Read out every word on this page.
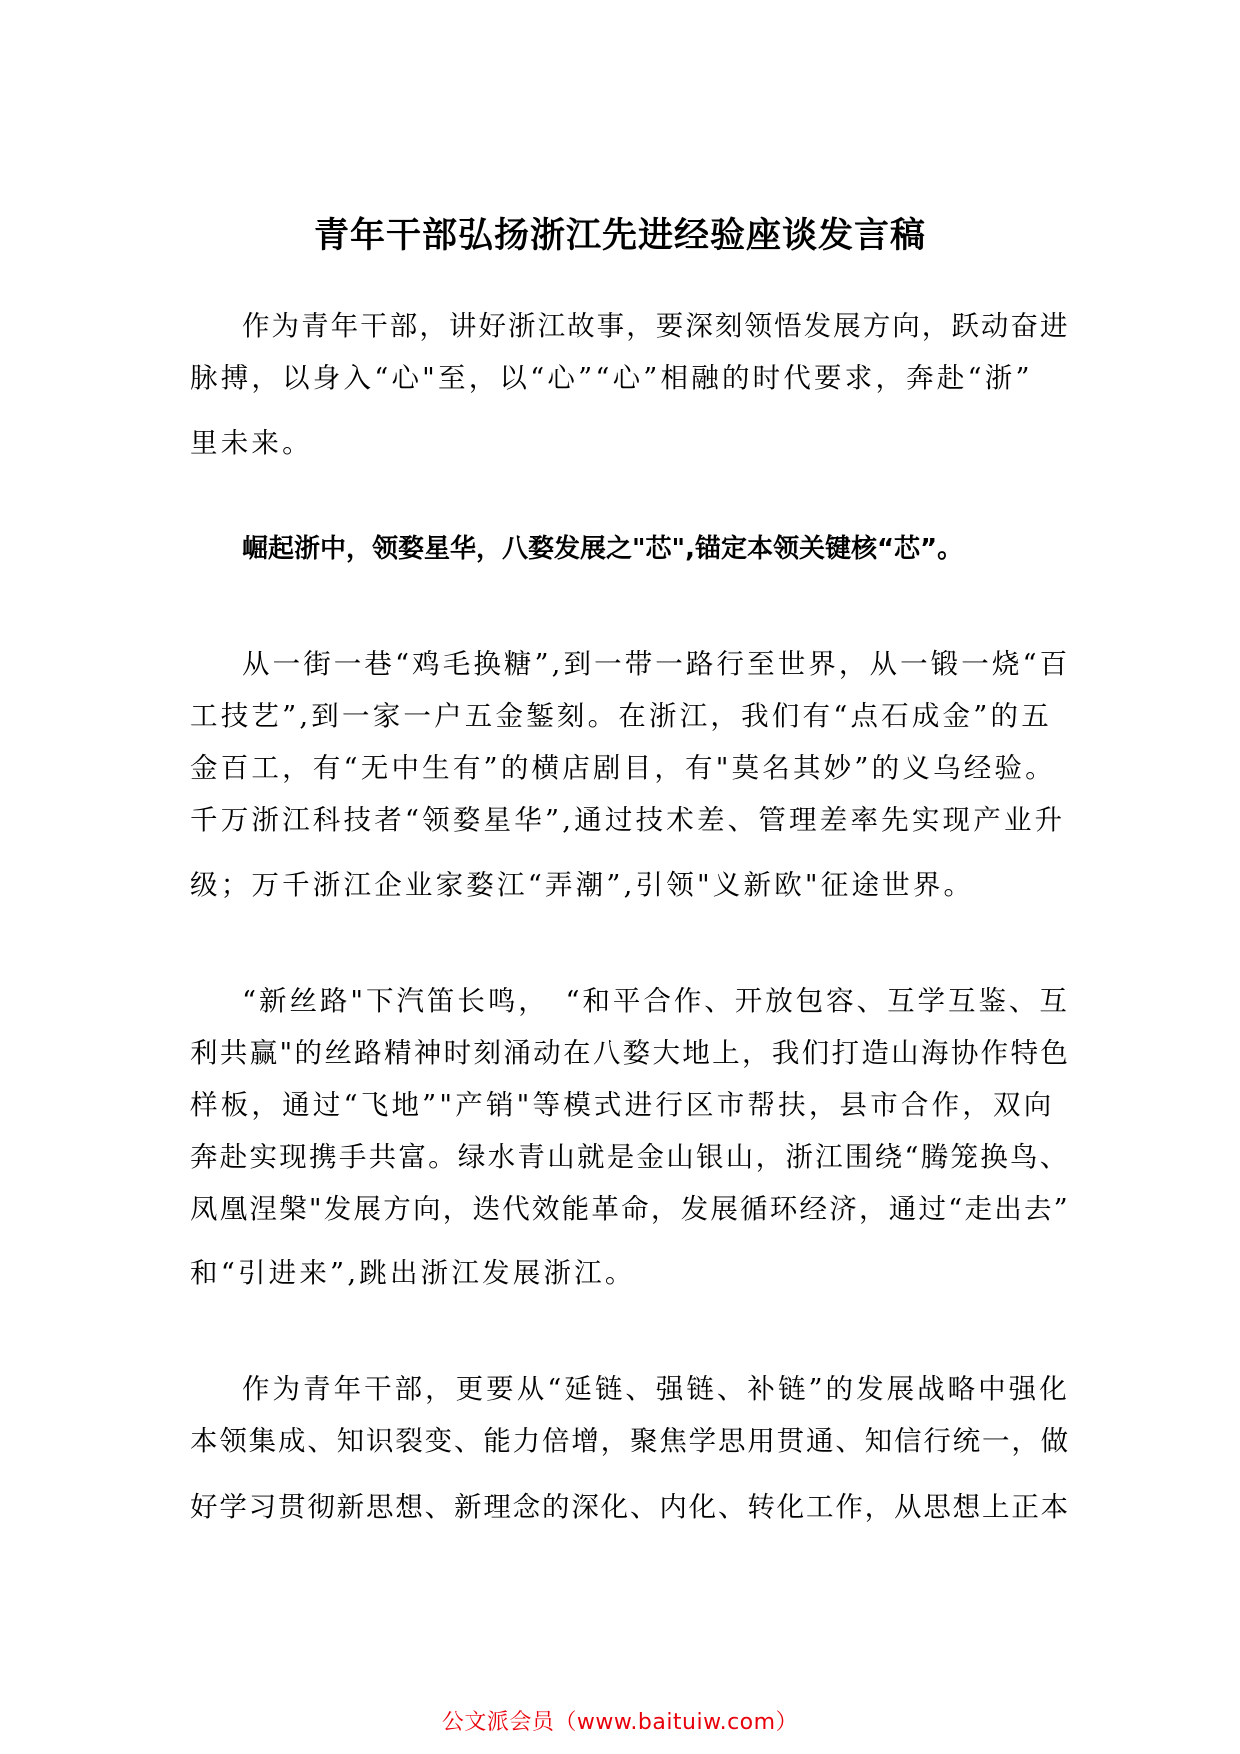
青年干部弘扬浙江先进经验座谈发言稿
作为青年干部，讲好浙江故事，要深刻领悟发展方向，跃动奋进
脉搏，以身入“心"至，以“心”“心”相融的时代要求，奔赴“浙”
里未来。
崛起浙中，领婺星华，八婺发展之"芯",锚定本领关键核“芯”。
从一街一巷“鸡毛换糖”,到一带一路行至世界，从一锻一烧“百
工技艺”,到一家一户五金錾刻。在浙江，我们有“点石成金”的五
金百工，有“无中生有”的横店剧目，有"莫名其妙”的义乌经验。
千万浙江科技者“领婺星华”,通过技术差、管理差率先实现产业升
级；万千浙江企业家婺江“弄潮”,引领"义新欧"征途世界。
“新丝路"下汽笛长鸣，　“和平合作、开放包容、互学互鉴、互
利共赢"的丝路精神时刻涌动在八婺大地上，我们打造山海协作特色
样板，通过“飞地”"产销"等模式进行区市帮扶，县市合作，双向
奔赴实现携手共富。绿水青山就是金山银山，浙江围绕“腾笼换鸟、
凤凰涅槃"发展方向，迭代效能革命，发展循环经济，通过“走出去”
和“引进来”,跳出浙江发展浙江。
作为青年干部，更要从“延链、强链、补链”的发展战略中强化
本领集成、知识裂变、能力倍增，聚焦学思用贯通、知信行统一，做
好学习贯彻新思想、新理念的深化、内化、转化工作，从思想上正本
公文派会员（www.baituiw.com）
